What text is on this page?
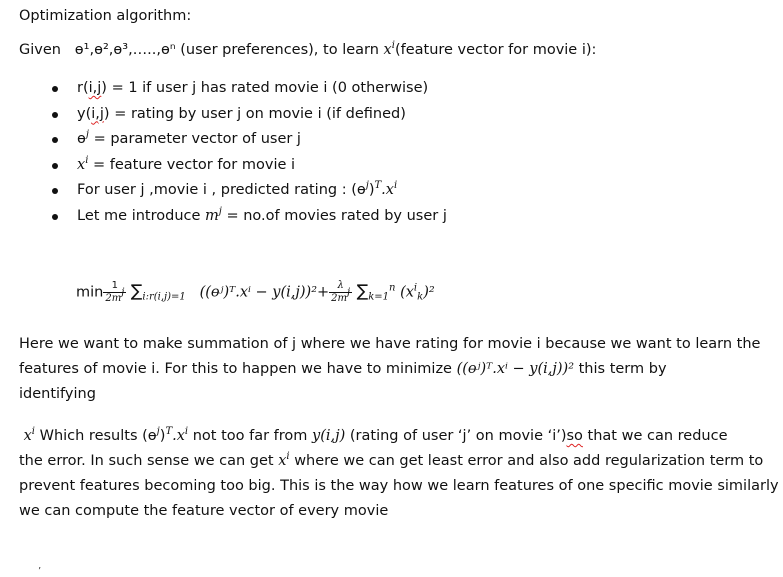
Optimization algorithm:
Given ɵ¹,ɵ²,ɵ³,…..,ɵⁿ (user preferences), to learn $x^i(feature$ vector for movie i):
r(i,j) = 1 if user j has rated movie i (0 otherwise)
y(i,j) = rating by user j on movie i (if defined)
ɵ$^j$ = parameter vector of user j
$x^i$ = feature vector for movie i
For user j ,movie i , predicted rating : $(ɵ^j)^T.x^i$
Let me introduce $m^j = no.of$ movies rated by user j
$\min \frac{1}{2m^j} \sum_{i:r(i,j)=1}$ ((ɵʲ)ᵀ.xⁱ − $y(i,j))^2+ \frac{\lambda}{2m^j} \sum_{k=1}^n$ $(x^i_k)^2$
Here we want to make summation of j where we have rating for movie i because we want to learn the
features of movie i. For this to happen we have to minimize ((ɵʲ)ᵀ.xⁱ − y(i,j))² this term by
identifying
$x^i$ Which results $(ɵ^j)^T.x^i$ not too far from y(i,j) (rating of user ‘j’ on movie ‘i’)so that we can reduce
the error. In such sense we can get $x^i$ where we can get least error and also add regularization term to
prevent features becoming too big. This is the way how we learn features of one specific movie similarly
we can compute the feature vector of every movie
’
